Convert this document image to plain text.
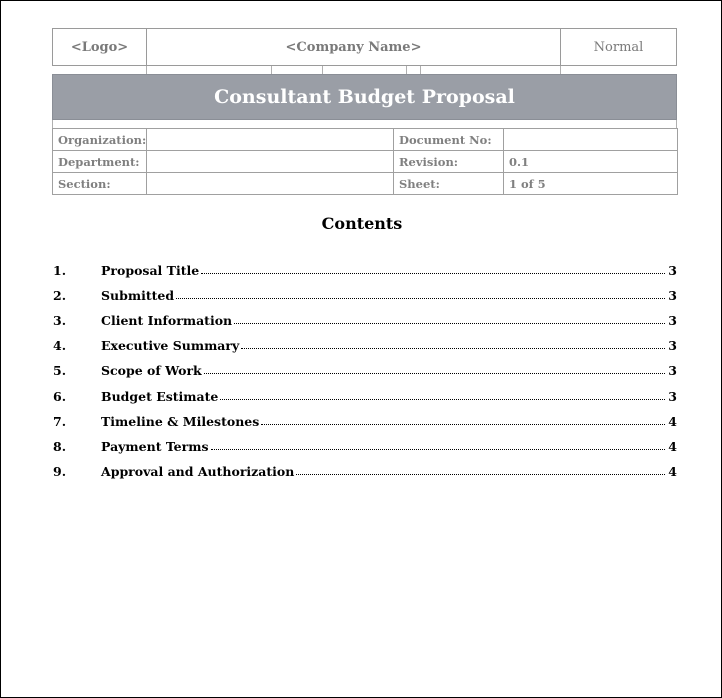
<Logo>	<Company Name>	Normal
Consultant Budget Proposal
Organization:		Document No:	
Department:		Revision:	0.1
Section:		Sheet:	1 of 5
Contents
1.	Proposal Title	3
2.	Submitted	3
3.	Client Information	3
4.	Executive Summary	3
5.	Scope of Work	3
6.	Budget Estimate	3
7.	Timeline & Milestones	4
8.	Payment Terms	4
9.	Approval and Authorization	4
